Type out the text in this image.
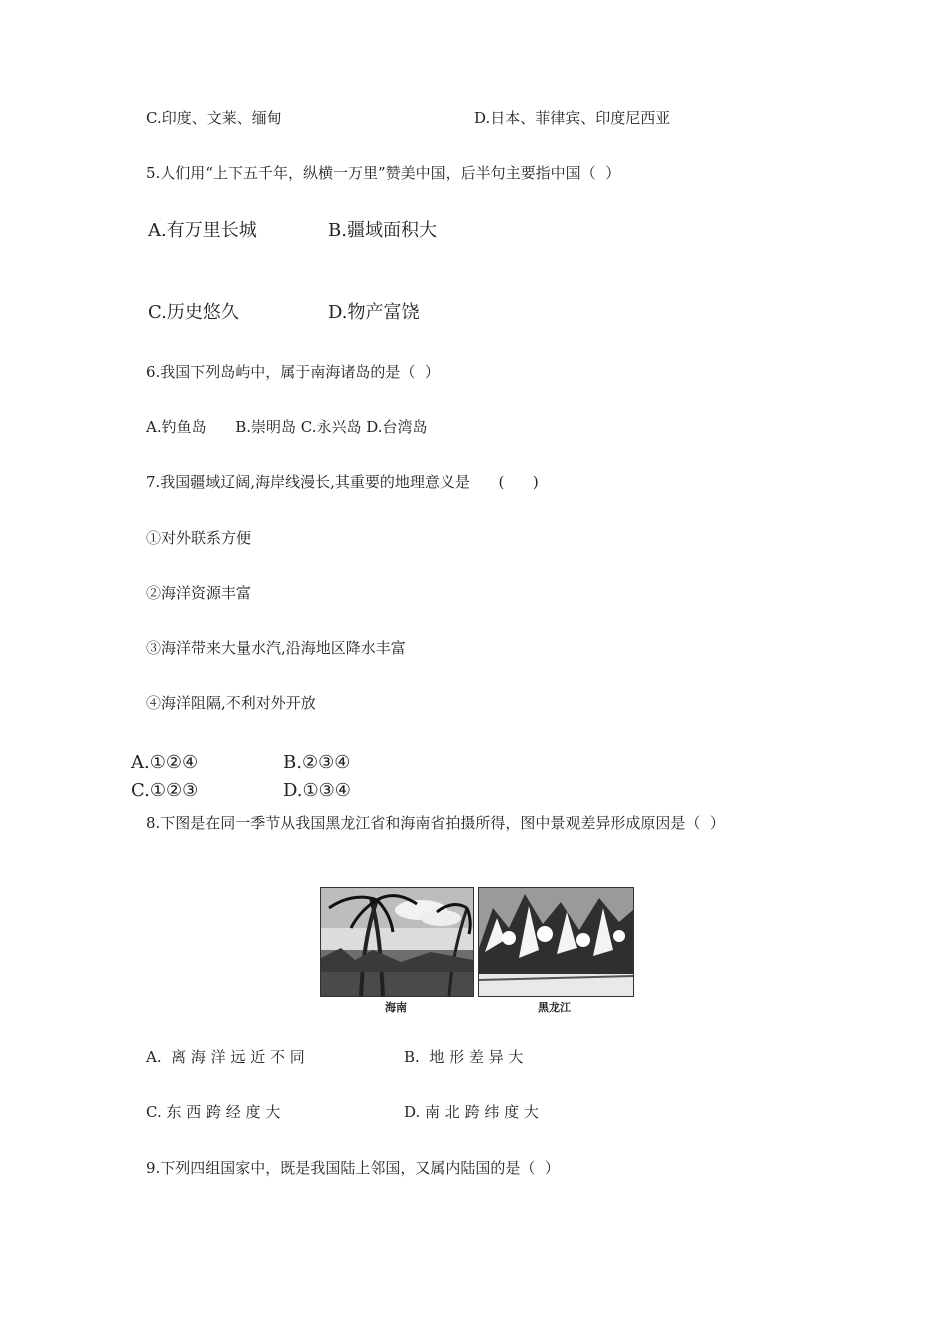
C.印度、文莱、缅甸	D.日本、菲律宾、印度尼西亚
5.人们用“上下五千年，纵横一万里”赞美中国，后半句主要指中国（  ）
A.有万里长城	B.疆域面积大
C.历史悠久	D.物产富饶
6.我国下列岛屿中，属于南海诸岛的是（  ）
A.钓鱼岛      B.崇明岛 C.永兴岛 D.台湾岛
7.我国疆域辽阔,海岸线漫长,其重要的地理意义是      (      )
①对外联系方便
②海洋资源丰富
③海洋带来大量水汽,沿海地区降水丰富
④海洋阻隔,不利对外开放
A.①②④	B.②③④
C.①②③	D.①③④
8.下图是在同一季节从我国黑龙江省和海南省拍摄所得，图中景观差异形成原因是（  ）
海南	黑龙江
A.  离 海 洋 远 近 不 同	B.  地 形 差 异 大
C. 东 西 跨 经 度 大	D. 南 北 跨 纬 度 大
9.下列四组国家中，既是我国陆上邻国，又属内陆国的是（  ）
